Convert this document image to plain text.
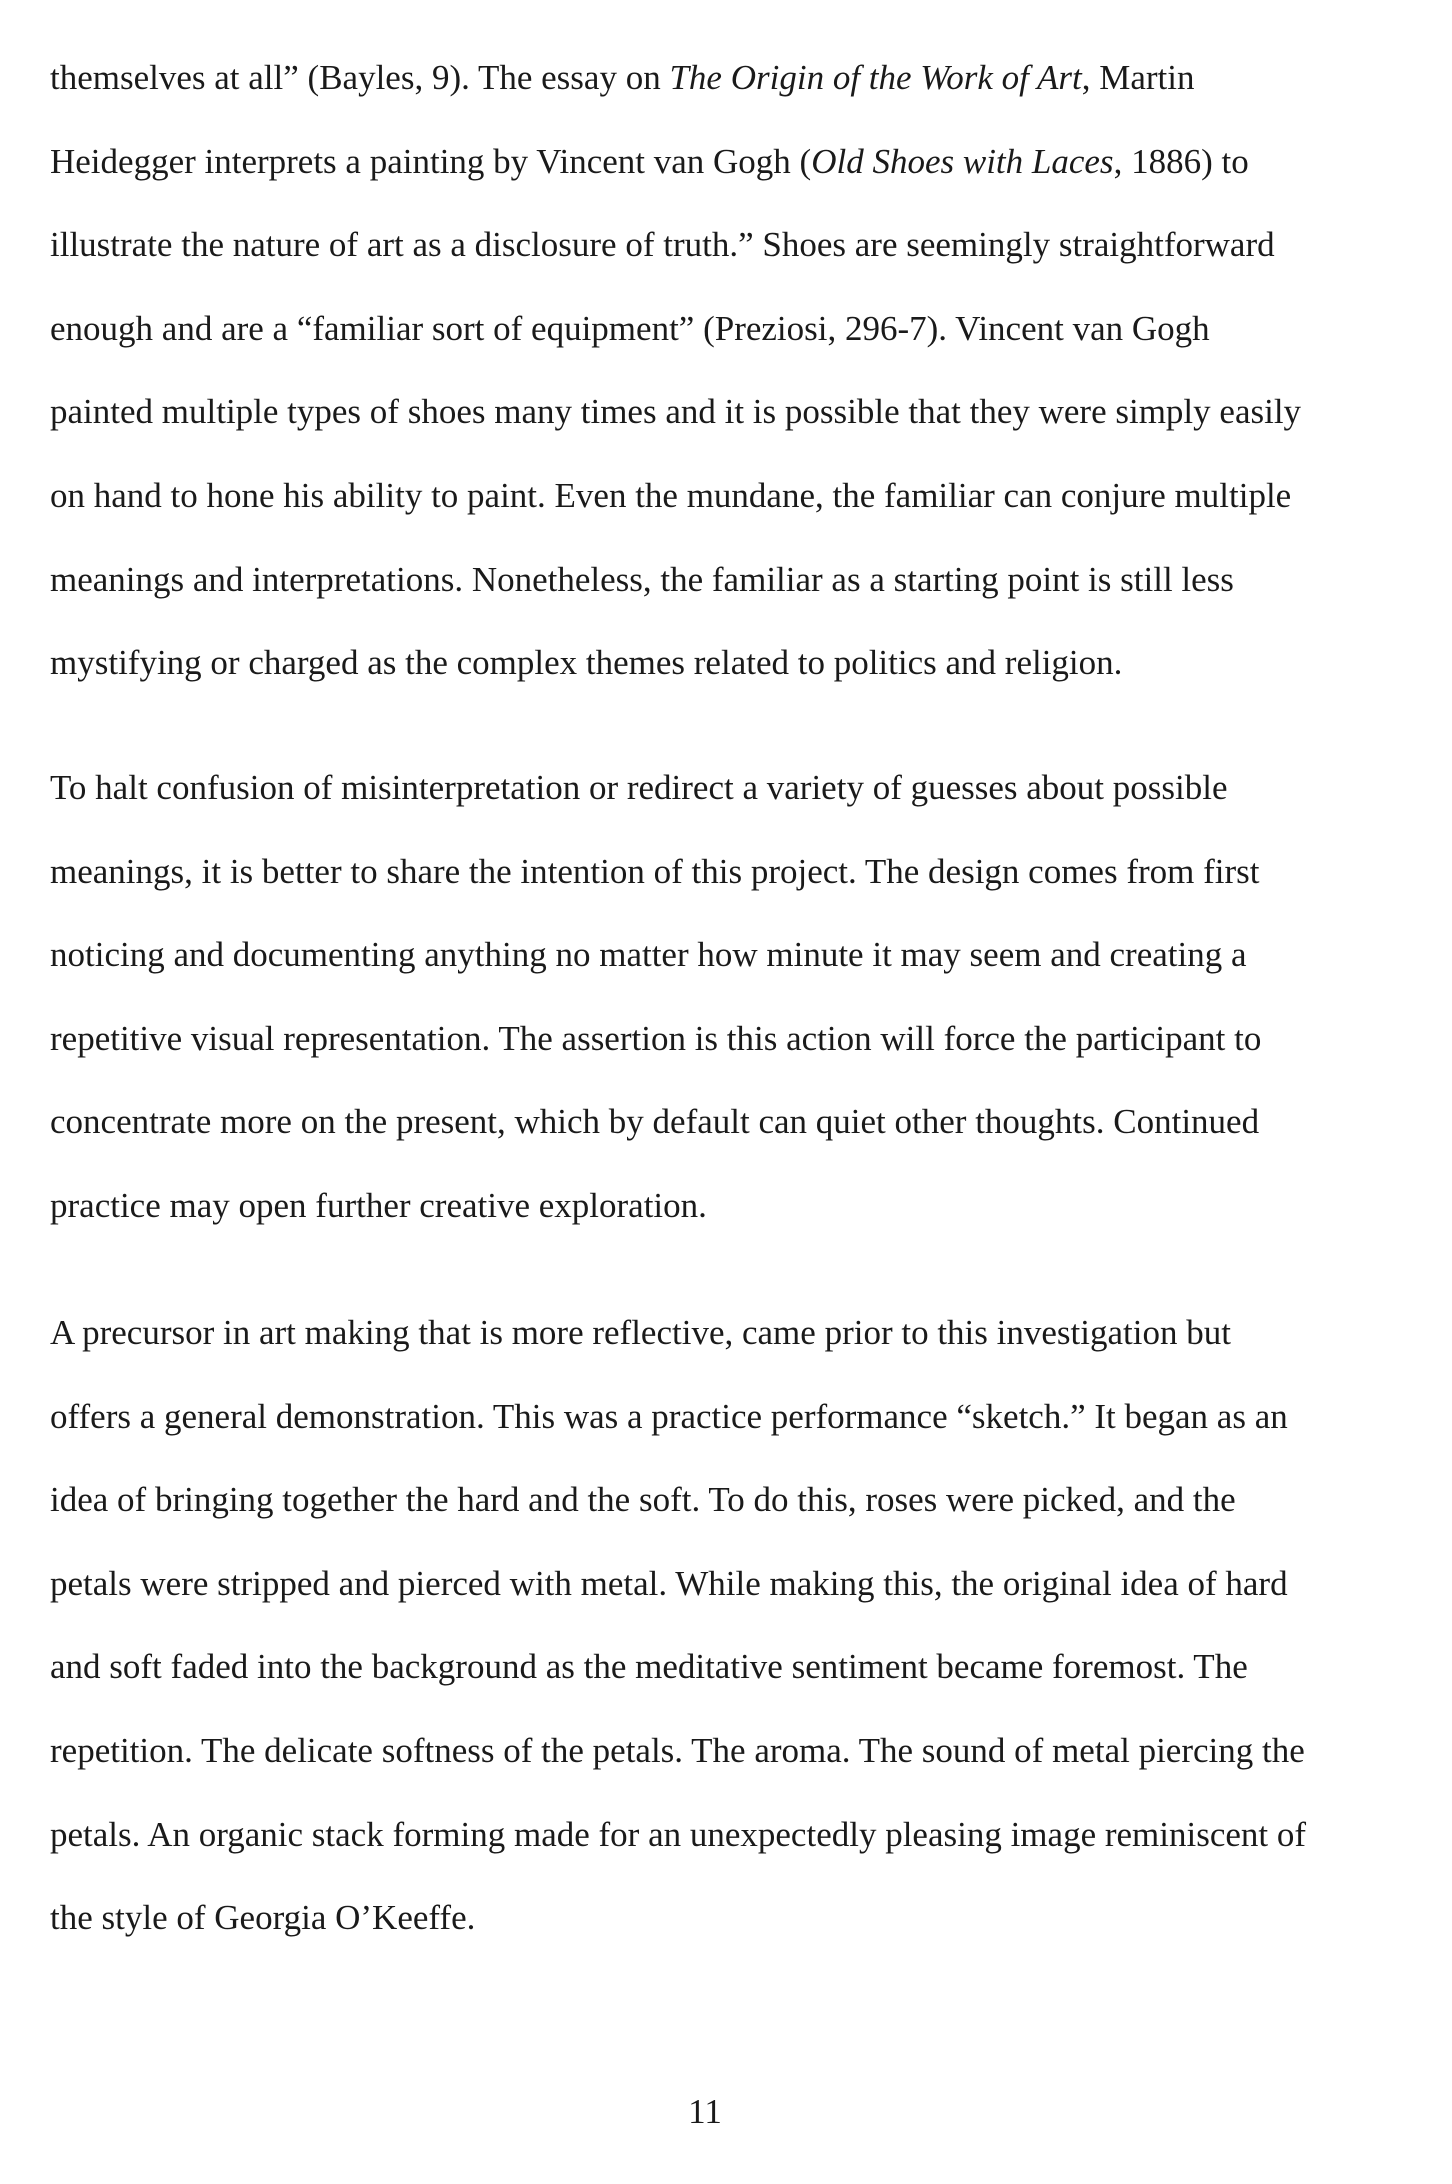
themselves at all” (Bayles, 9). The essay on The Origin of the Work of Art, Martin
Heidegger interprets a painting by Vincent van Gogh (Old Shoes with Laces, 1886) to
illustrate the nature of art as a disclosure of truth.” Shoes are seemingly straightforward
enough and are a “familiar sort of equipment” (Preziosi, 296-7). Vincent van Gogh
painted multiple types of shoes many times and it is possible that they were simply easily
on hand to hone his ability to paint. Even the mundane, the familiar can conjure multiple
meanings and interpretations. Nonetheless, the familiar as a starting point is still less
mystifying or charged as the complex themes related to politics and religion.

To halt confusion of misinterpretation or redirect a variety of guesses about possible
meanings, it is better to share the intention of this project. The design comes from first
noticing and documenting anything no matter how minute it may seem and creating a
repetitive visual representation. The assertion is this action will force the participant to
concentrate more on the present, which by default can quiet other thoughts. Continued
practice may open further creative exploration.

A precursor in art making that is more reflective, came prior to this investigation but
offers a general demonstration. This was a practice performance “sketch.” It began as an
idea of bringing together the hard and the soft. To do this, roses were picked, and the
petals were stripped and pierced with metal. While making this, the original idea of hard
and soft faded into the background as the meditative sentiment became foremost. The
repetition. The delicate softness of the petals. The aroma. The sound of metal piercing the
petals. An organic stack forming made for an unexpectedly pleasing image reminiscent of
the style of Georgia O’Keeffe.

11
